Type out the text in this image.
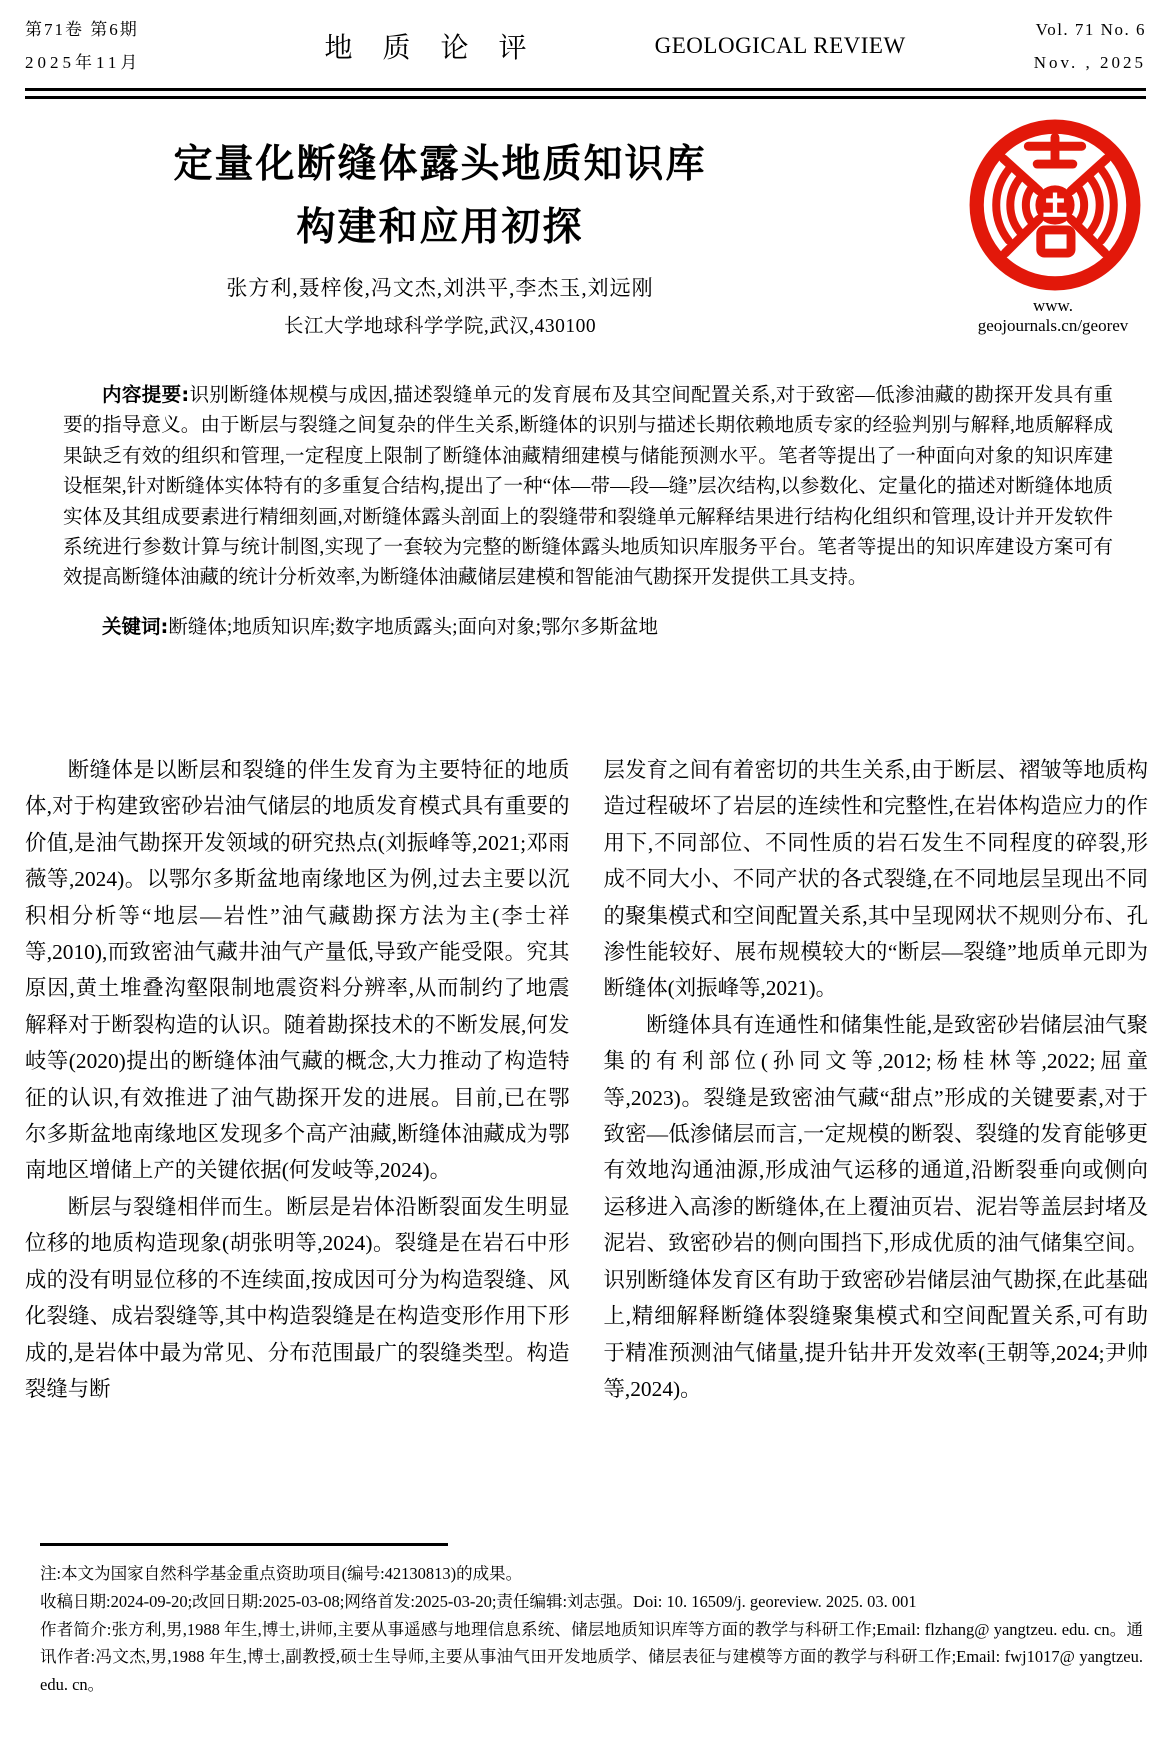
第71卷 第6期
2025年11月	地质论评	GEOLOGICAL REVIEW
Vol. 71 No. 6
Nov. , 2025
定量化断缝体露头地质知识库
构建和应用初探
张方利,聂梓俊,冯文杰,刘洪平,李杰玉,刘远刚
长江大学地球科学学院,武汉,430100
www.
geojournals.cn/georev

内容提要:识别断缝体规模与成因,描述裂缝单元的发育展布及其空间配置关系,对于致密—低渗油藏的勘探开发具有重要的指导意义。由于断层与裂缝之间复杂的伴生关系,断缝体的识别与描述长期依赖地质专家的经验判别与解释,地质解释成果缺乏有效的组织和管理,一定程度上限制了断缝体油藏精细建模与储能预测水平。笔者等提出了一种面向对象的知识库建设框架,针对断缝体实体特有的多重复合结构,提出了一种“体—带—段—缝”层次结构,以参数化、定量化的描述对断缝体地质实体及其组成要素进行精细刻画,对断缝体露头剖面上的裂缝带和裂缝单元解释结果进行结构化组织和管理,设计并开发软件系统进行参数计算与统计制图,实现了一套较为完整的断缝体露头地质知识库服务平台。笔者等提出的知识库建设方案可有效提高断缝体油藏的统计分析效率,为断缝体油藏储层建模和智能油气勘探开发提供工具支持。

关键词:断缝体;地质知识库;数字地质露头;面向对象;鄂尔多斯盆地

断缝体是以断层和裂缝的伴生发育为主要特征的地质体,对于构建致密砂岩油气储层的地质发育模式具有重要的价值,是油气勘探开发领域的研究热点(刘振峰等,2021;邓雨薇等,2024)。以鄂尔多斯盆地南缘地区为例,过去主要以沉积相分析等“地层—岩性”油气藏勘探方法为主(李士祥等,2010),而致密油气藏井油气产量低,导致产能受限。究其原因,黄土堆叠沟壑限制地震资料分辨率,从而制约了地震解释对于断裂构造的认识。随着勘探技术的不断发展,何发岐等(2020)提出的断缝体油气藏的概念,大力推动了构造特征的认识,有效推进了油气勘探开发的进展。目前,已在鄂尔多斯盆地南缘地区发现多个高产油藏,断缝体油藏成为鄂南地区增储上产的关键依据(何发岐等,2024)。

断层与裂缝相伴而生。断层是岩体沿断裂面发生明显位移的地质构造现象(胡张明等,2024)。裂缝是在岩石中形成的没有明显位移的不连续面,按成因可分为构造裂缝、风化裂缝、成岩裂缝等,其中构造裂缝是在构造变形作用下形成的,是岩体中最为常见、分布范围最广的裂缝类型。构造裂缝与断

层发育之间有着密切的共生关系,由于断层、褶皱等地质构造过程破坏了岩层的连续性和完整性,在岩体构造应力的作用下,不同部位、不同性质的岩石发生不同程度的碎裂,形成不同大小、不同产状的各式裂缝,在不同地层呈现出不同的聚集模式和空间配置关系,其中呈现网状不规则分布、孔渗性能较好、展布规模较大的“断层—裂缝”地质单元即为断缝体(刘振峰等,2021)。

断缝体具有连通性和储集性能,是致密砂岩储层油气聚集的有利部位(孙同文等,2012;杨桂林等,2022;屈童等,2023)。裂缝是致密油气藏“甜点”形成的关键要素,对于致密—低渗储层而言,一定规模的断裂、裂缝的发育能够更有效地沟通油源,形成油气运移的通道,沿断裂垂向或侧向运移进入高渗的断缝体,在上覆油页岩、泥岩等盖层封堵及泥岩、致密砂岩的侧向围挡下,形成优质的油气储集空间。识别断缝体发育区有助于致密砂岩储层油气勘探,在此基础上,精细解释断缝体裂缝聚集模式和空间配置关系,可有助于精准预测油气储量,提升钻井开发效率(王朝等,2024;尹帅等,2024)。

注:本文为国家自然科学基金重点资助项目(编号:42130813)的成果。

收稿日期:2024-09-20;改回日期:2025-03-08;网络首发:2025-03-20;责任编辑:刘志强。Doi: 10. 16509/j. georeview. 2025. 03. 001

作者简介:张方利,男,1988 年生,博士,讲师,主要从事遥感与地理信息系统、储层地质知识库等方面的教学与科研工作;Email: flzhang@ yangtzeu. edu. cn。通讯作者:冯文杰,男,1988 年生,博士,副教授,硕士生导师,主要从事油气田开发地质学、储层表征与建模等方面的教学与科研工作;Email: fwj1017@ yangtzeu. edu. cn。
